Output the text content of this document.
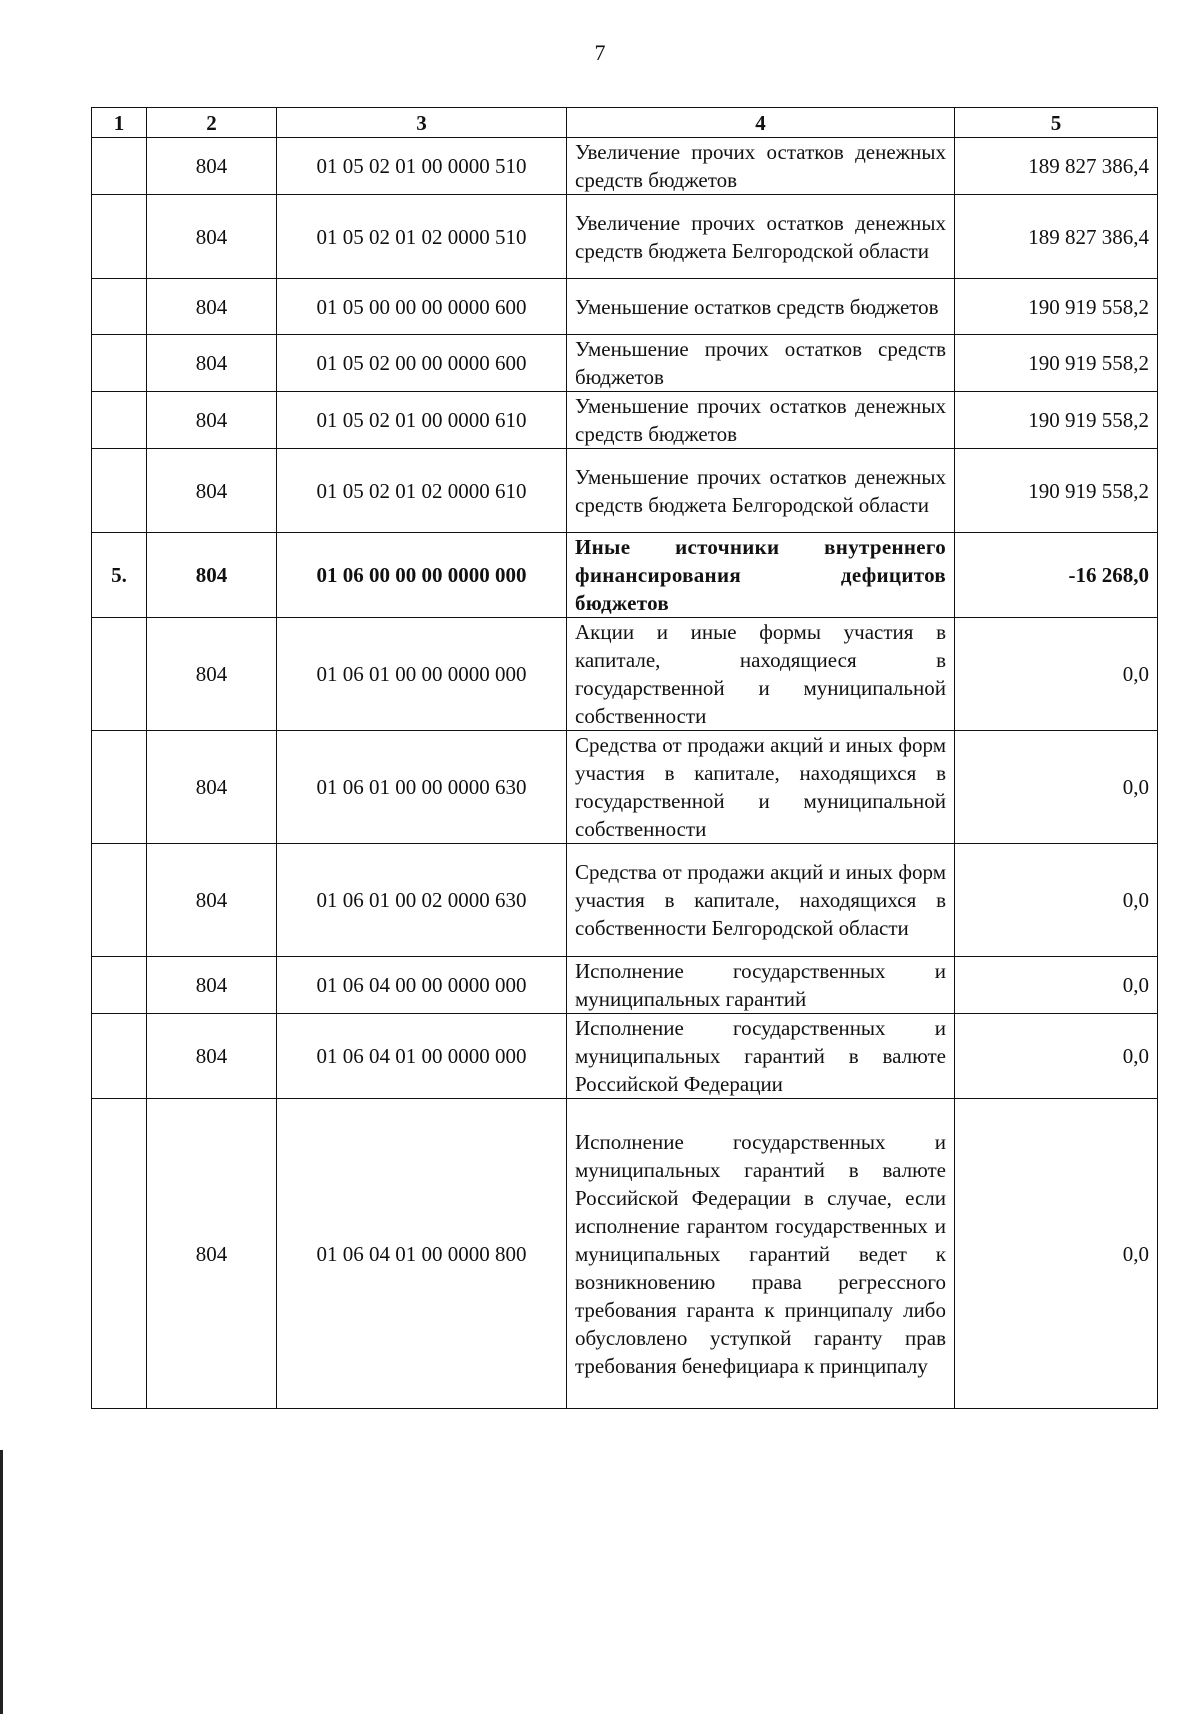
7
1	2	3	4	5
	804	01 05 02 01 00 0000 510	Увеличение прочих остатков денежных средств бюджетов	189 827 386,4
	804	01 05 02 01 02 0000 510	Увеличение прочих остатков денежных средств бюджета Белгородской области	189 827 386,4
	804	01 05 00 00 00 0000 600	Уменьшение остатков средств бюджетов	190 919 558,2
	804	01 05 02 00 00 0000 600	Уменьшение прочих остатков средств бюджетов	190 919 558,2
	804	01 05 02 01 00 0000 610	Уменьшение прочих остатков денежных средств бюджетов	190 919 558,2
	804	01 05 02 01 02 0000 610	Уменьшение прочих остатков денежных средств бюджета Белгородской области	190 919 558,2
5.	804	01 06 00 00 00 0000 000	Иные источники внутреннего финансирования дефицитов бюджетов	-16 268,0
	804	01 06 01 00 00 0000 000	Акции и иные формы участия в капитале, находящиеся в государственной и муниципальной собственности	0,0
	804	01 06 01 00 00 0000 630	Средства от продажи акций и иных форм участия в капитале, находящихся в государственной и муниципальной собственности	0,0
	804	01 06 01 00 02 0000 630	Средства от продажи акций и иных форм участия в капитале, находящихся в собственности Белгородской области	0,0
	804	01 06 04 00 00 0000 000	Исполнение государственных и муниципальных гарантий	0,0
	804	01 06 04 01 00 0000 000	Исполнение государственных и муниципальных гарантий в валюте Российской Федерации	0,0
	804	01 06 04 01 00 0000 800	Исполнение государственных и муниципальных гарантий в валюте Российской Федерации в случае, если исполнение гарантом государственных и муниципальных гарантий ведет к возникновению права регрессного требования гаранта к принципалу либо обусловлено уступкой гаранту прав требования бенефициара к принципалу	0,0
